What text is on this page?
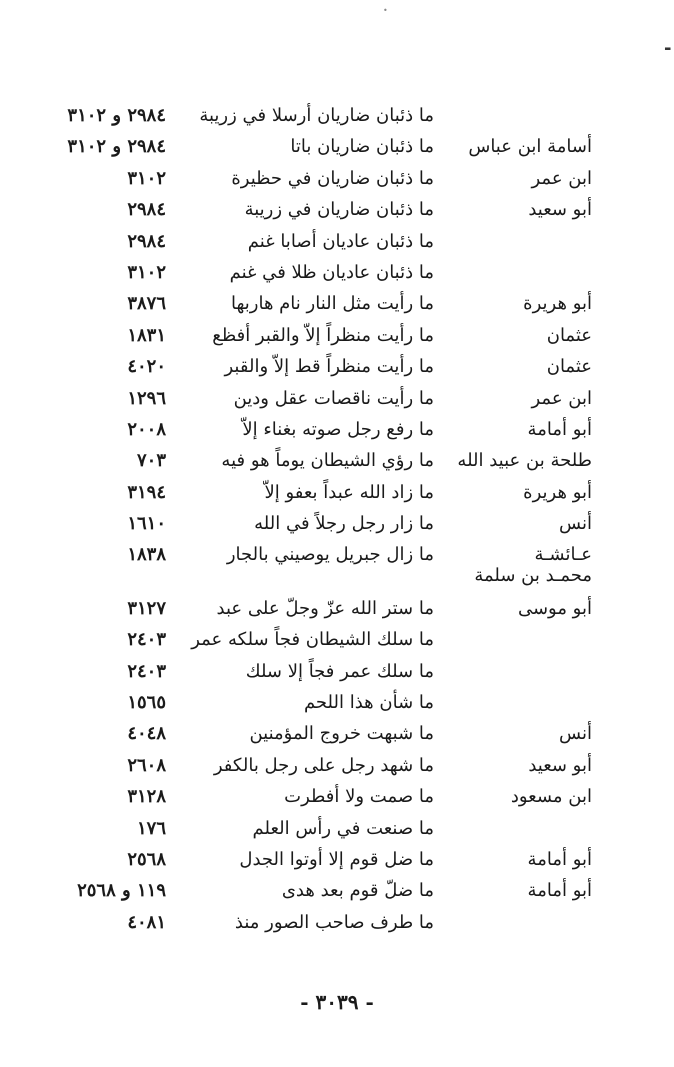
•
-
ما ذئبان ضاريان أرسلا في زريبة
٢٩٨٤ و ٣١٠٢
أسامة ابن عباس
ما ذئبان ضاريان باتا
٢٩٨٤ و ٣١٠٢
ابن عمر
ما ذئبان ضاريان في حظيرة
٣١٠٢
أبو سعيد
ما ذئبان ضاريان في زريبة
٢٩٨٤
ما ذئبان عاديان أصابا غنم
٢٩٨٤
ما ذئبان عاديان ظلا في غنم
٣١٠٢
أبو هريرة
ما رأيت مثل النار نام هاربها
٣٨٧٦
عثمان
ما رأيت منظراً إلاّ والقبر أفظع
١٨٣١
عثمان
ما رأيت منظراً قط إلاّ والقبر
٤٠٢٠
ابن عمر
ما رأيت ناقصات عقل ودين
١٢٩٦
أبو أمامة
ما رفع رجل صوته بغناء إلاّ
٢٠٠٨
طلحة بن عبيد الله
ما رؤي الشيطان يوماً هو فيه
٧٠٣
أبو هريرة
ما زاد الله عبداً بعفو إلاّ
٣١٩٤
أنس
ما زار رجل رجلاً في الله
١٦١٠
عـائشـة
ما زال جبريل يوصيني بالجار
١٨٣٨
محمـد بن سلمة
أبو موسى
ما ستر الله عزّ وجلّ على عبد
٣١٢٧
ما سلك الشيطان فجاً سلكه عمر
٢٤٠٣
ما سلك عمر فجاً إلا سلك
٢٤٠٣
ما شأن هذا اللحم
١٥٦٥
أنس
ما شبهت خروج المؤمنين
٤٠٤٨
أبو سعيد
ما شهد رجل على رجل بالكفر
٢٦٠٨
ابن مسعود
ما صمت ولا أفطرت
٣١٢٨
ما صنعت في رأس العلم
١٧٦
أبو أمامة
ما ضل قوم إلا أوتوا الجدل
٢٥٦٨
أبو أمامة
ما ضلّ قوم بعد هدى
١١٩ و ٢٥٦٨
ما طرف صاحب الصور منذ
٤٠٨١
- ٣٠٣٩ -
